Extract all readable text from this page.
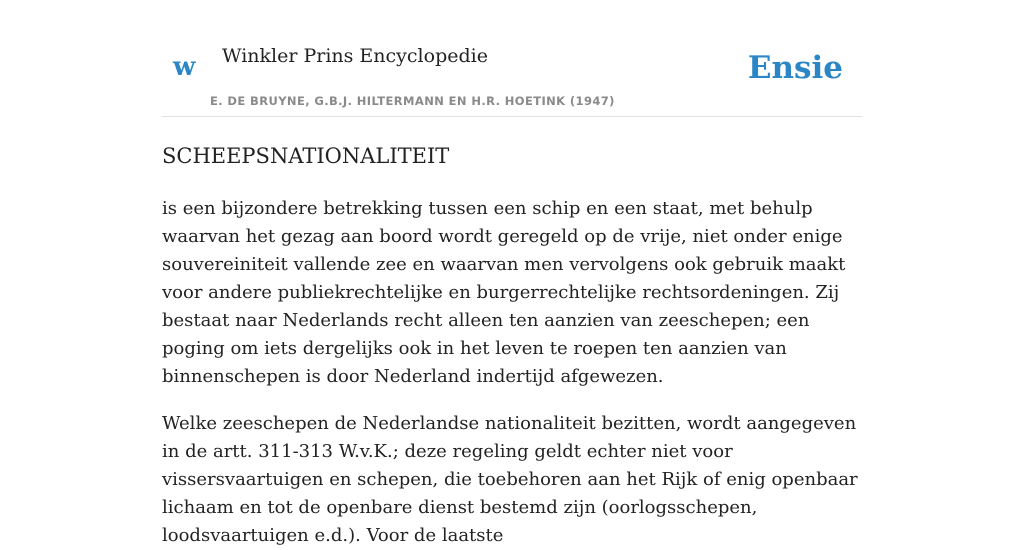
w Winkler Prins Encyclopedie
E. DE BRUYNE, G.B.J. HILTERMANN EN H.R. HOETINK (1947)
Ensie
SCHEEPSNATIONALITEIT

is een bijzondere betrekking tussen een schip en een staat, met behulp waarvan het gezag aan boord wordt geregeld op de vrije, niet onder enige souvereiniteit vallende zee en waarvan men vervolgens ook gebruik maakt voor andere publiekrechtelijke en burgerrechtelijke rechtsordeningen. Zij bestaat naar Nederlands recht alleen ten aanzien van zeeschepen; een poging om iets dergelijks ook in het leven te roepen ten aanzien van binnenschepen is door Nederland indertijd afgewezen.

Welke zeeschepen de Nederlandse nationaliteit bezitten, wordt aangegeven in de artt. 311-313 W.v.K.; deze regeling geldt echter niet voor vissersvaartuigen en schepen, die toebehoren aan het Rijk of enig openbaar lichaam en tot de openbare dienst bestemd zijn (oorlogsschepen, loodsvaartuigen e.d.). Voor de laatste
